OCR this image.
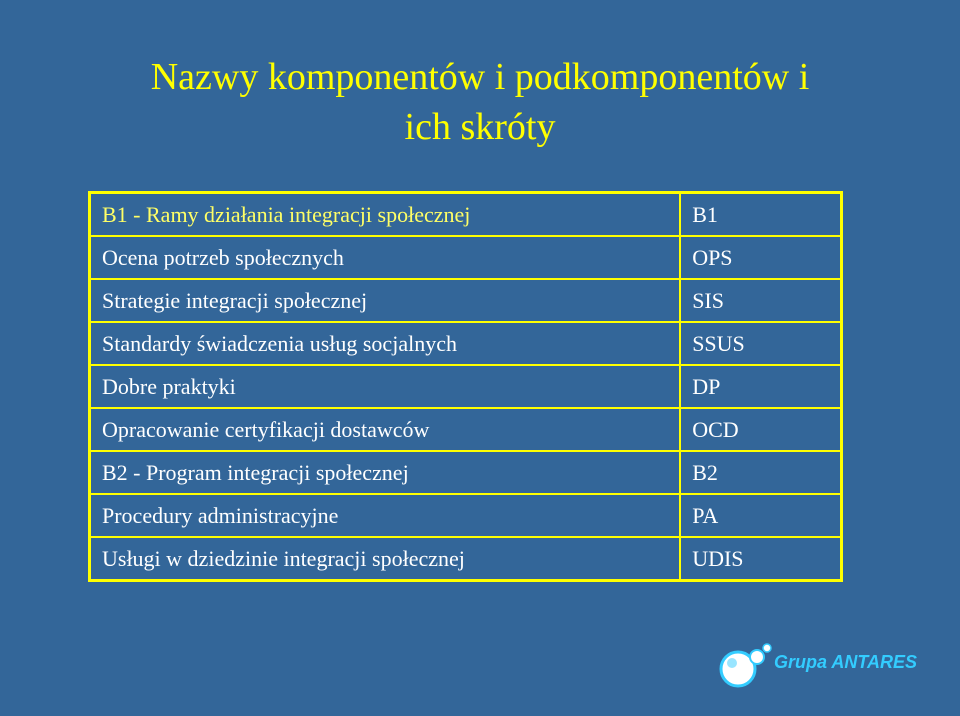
Nazwy komponentów i podkomponentów i
ich skróty
B1 - Ramy działania integracji społecznej	B1
Ocena potrzeb społecznych	OPS
Strategie integracji społecznej	SIS
Standardy świadczenia usług socjalnych	SSUS
Dobre praktyki	DP
Opracowanie certyfikacji dostawców	OCD
B2 - Program integracji społecznej	B2
Procedury administracyjne	PA
Usługi w dziedzinie integracji społecznej	UDIS
Grupa ANTARES
